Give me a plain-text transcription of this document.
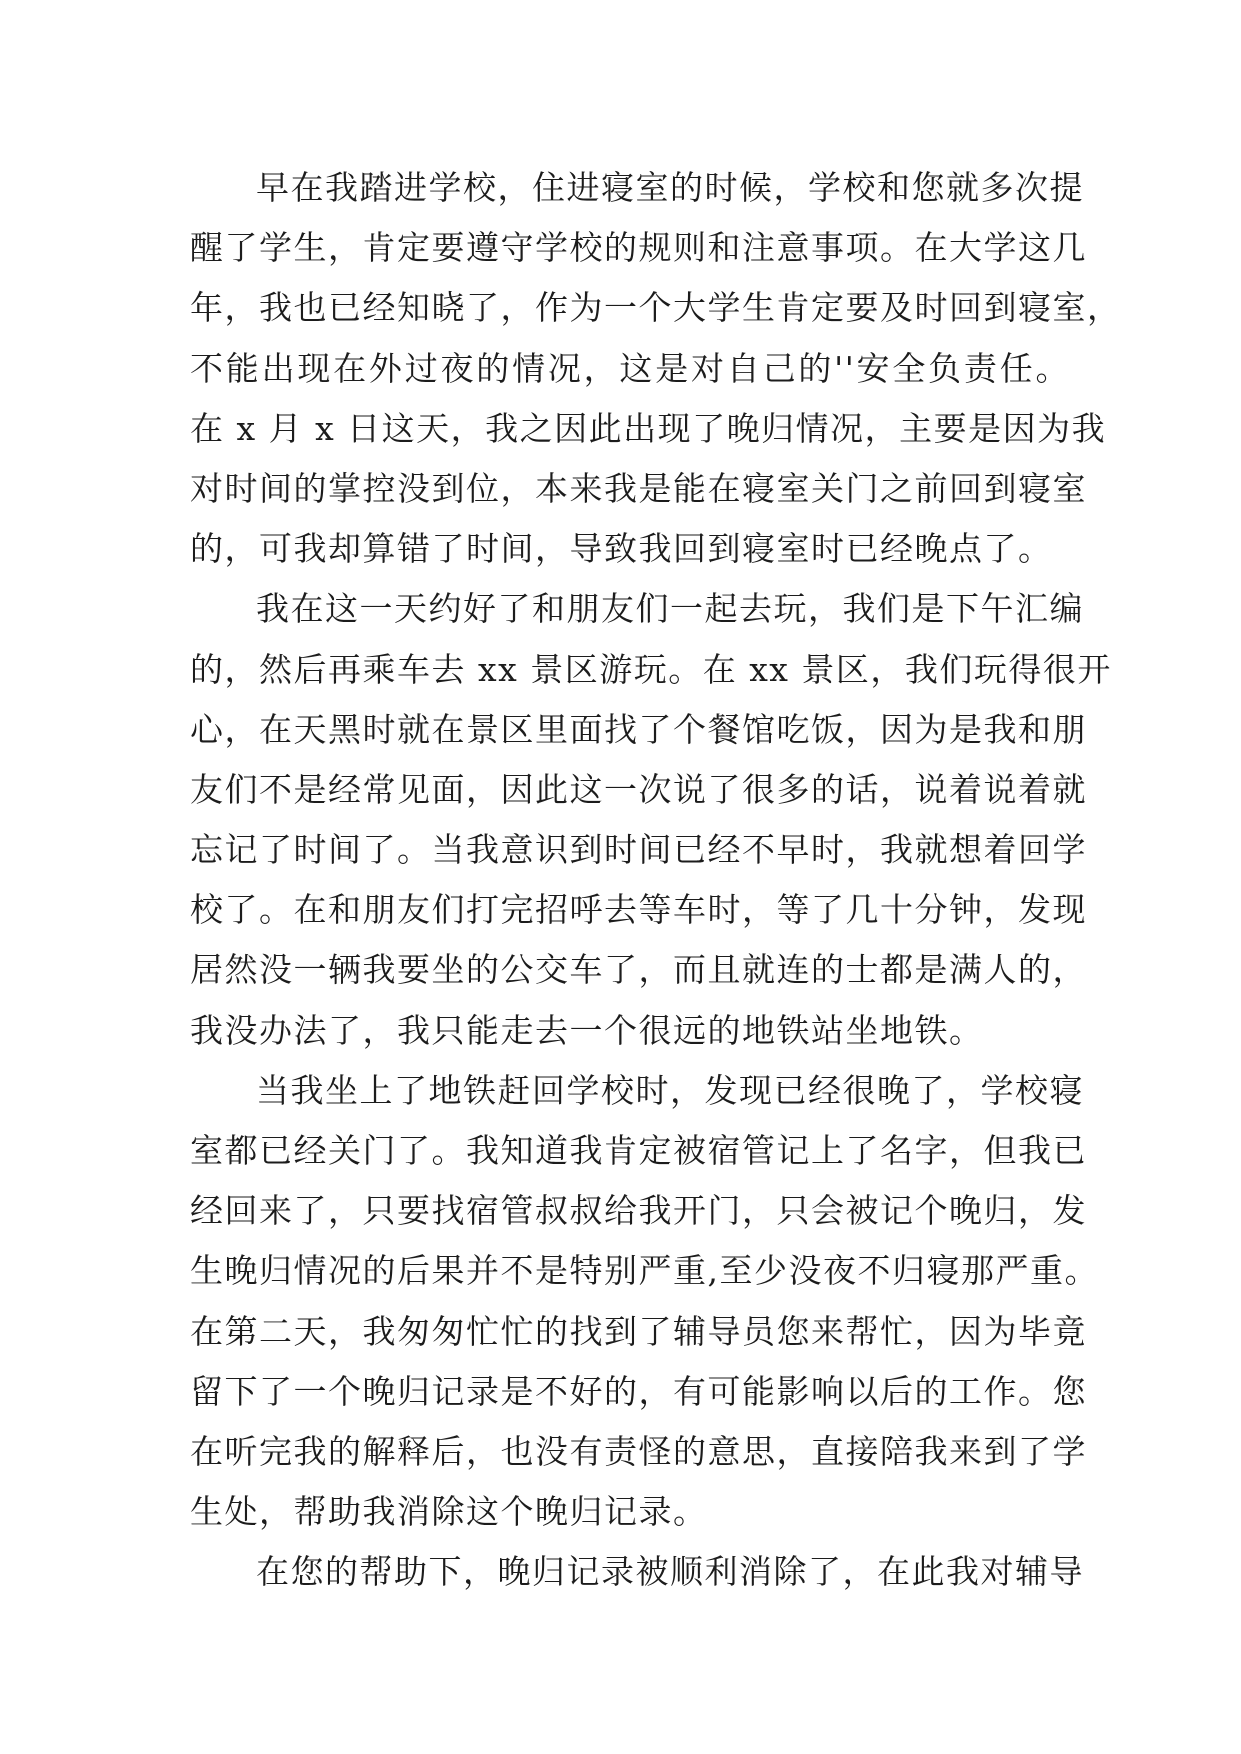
早在我踏进学校，住进寝室的时候，学校和您就多次提
醒了学生，肯定要遵守学校的规则和注意事项。在大学这几
年，我也已经知晓了，作为一个大学生肯定要及时回到寝室，
不能出现在外过夜的情况，这是对自己的''安全负责任。
在 x 月 x 日这天，我之因此出现了晚归情况，主要是因为我
对时间的掌控没到位，本来我是能在寝室关门之前回到寝室
的，可我却算错了时间，导致我回到寝室时已经晚点了。
我在这一天约好了和朋友们一起去玩，我们是下午汇编
的，然后再乘车去 xx 景区游玩。在 xx 景区，我们玩得很开
心，在天黑时就在景区里面找了个餐馆吃饭，因为是我和朋
友们不是经常见面，因此这一次说了很多的话，说着说着就
忘记了时间了。当我意识到时间已经不早时，我就想着回学
校了。在和朋友们打完招呼去等车时，等了几十分钟，发现
居然没一辆我要坐的公交车了，而且就连的士都是满人的，
我没办法了，我只能走去一个很远的地铁站坐地铁。
当我坐上了地铁赶回学校时，发现已经很晚了，学校寝
室都已经关门了。我知道我肯定被宿管记上了名字，但我已
经回来了，只要找宿管叔叔给我开门，只会被记个晚归，发
生晚归情况的后果并不是特别严重,至少没夜不归寝那严重。
在第二天，我匆匆忙忙的找到了辅导员您来帮忙，因为毕竟
留下了一个晚归记录是不好的，有可能影响以后的工作。您
在听完我的解释后，也没有责怪的意思，直接陪我来到了学
生处，帮助我消除这个晚归记录。
在您的帮助下，晚归记录被顺利消除了，在此我对辅导
